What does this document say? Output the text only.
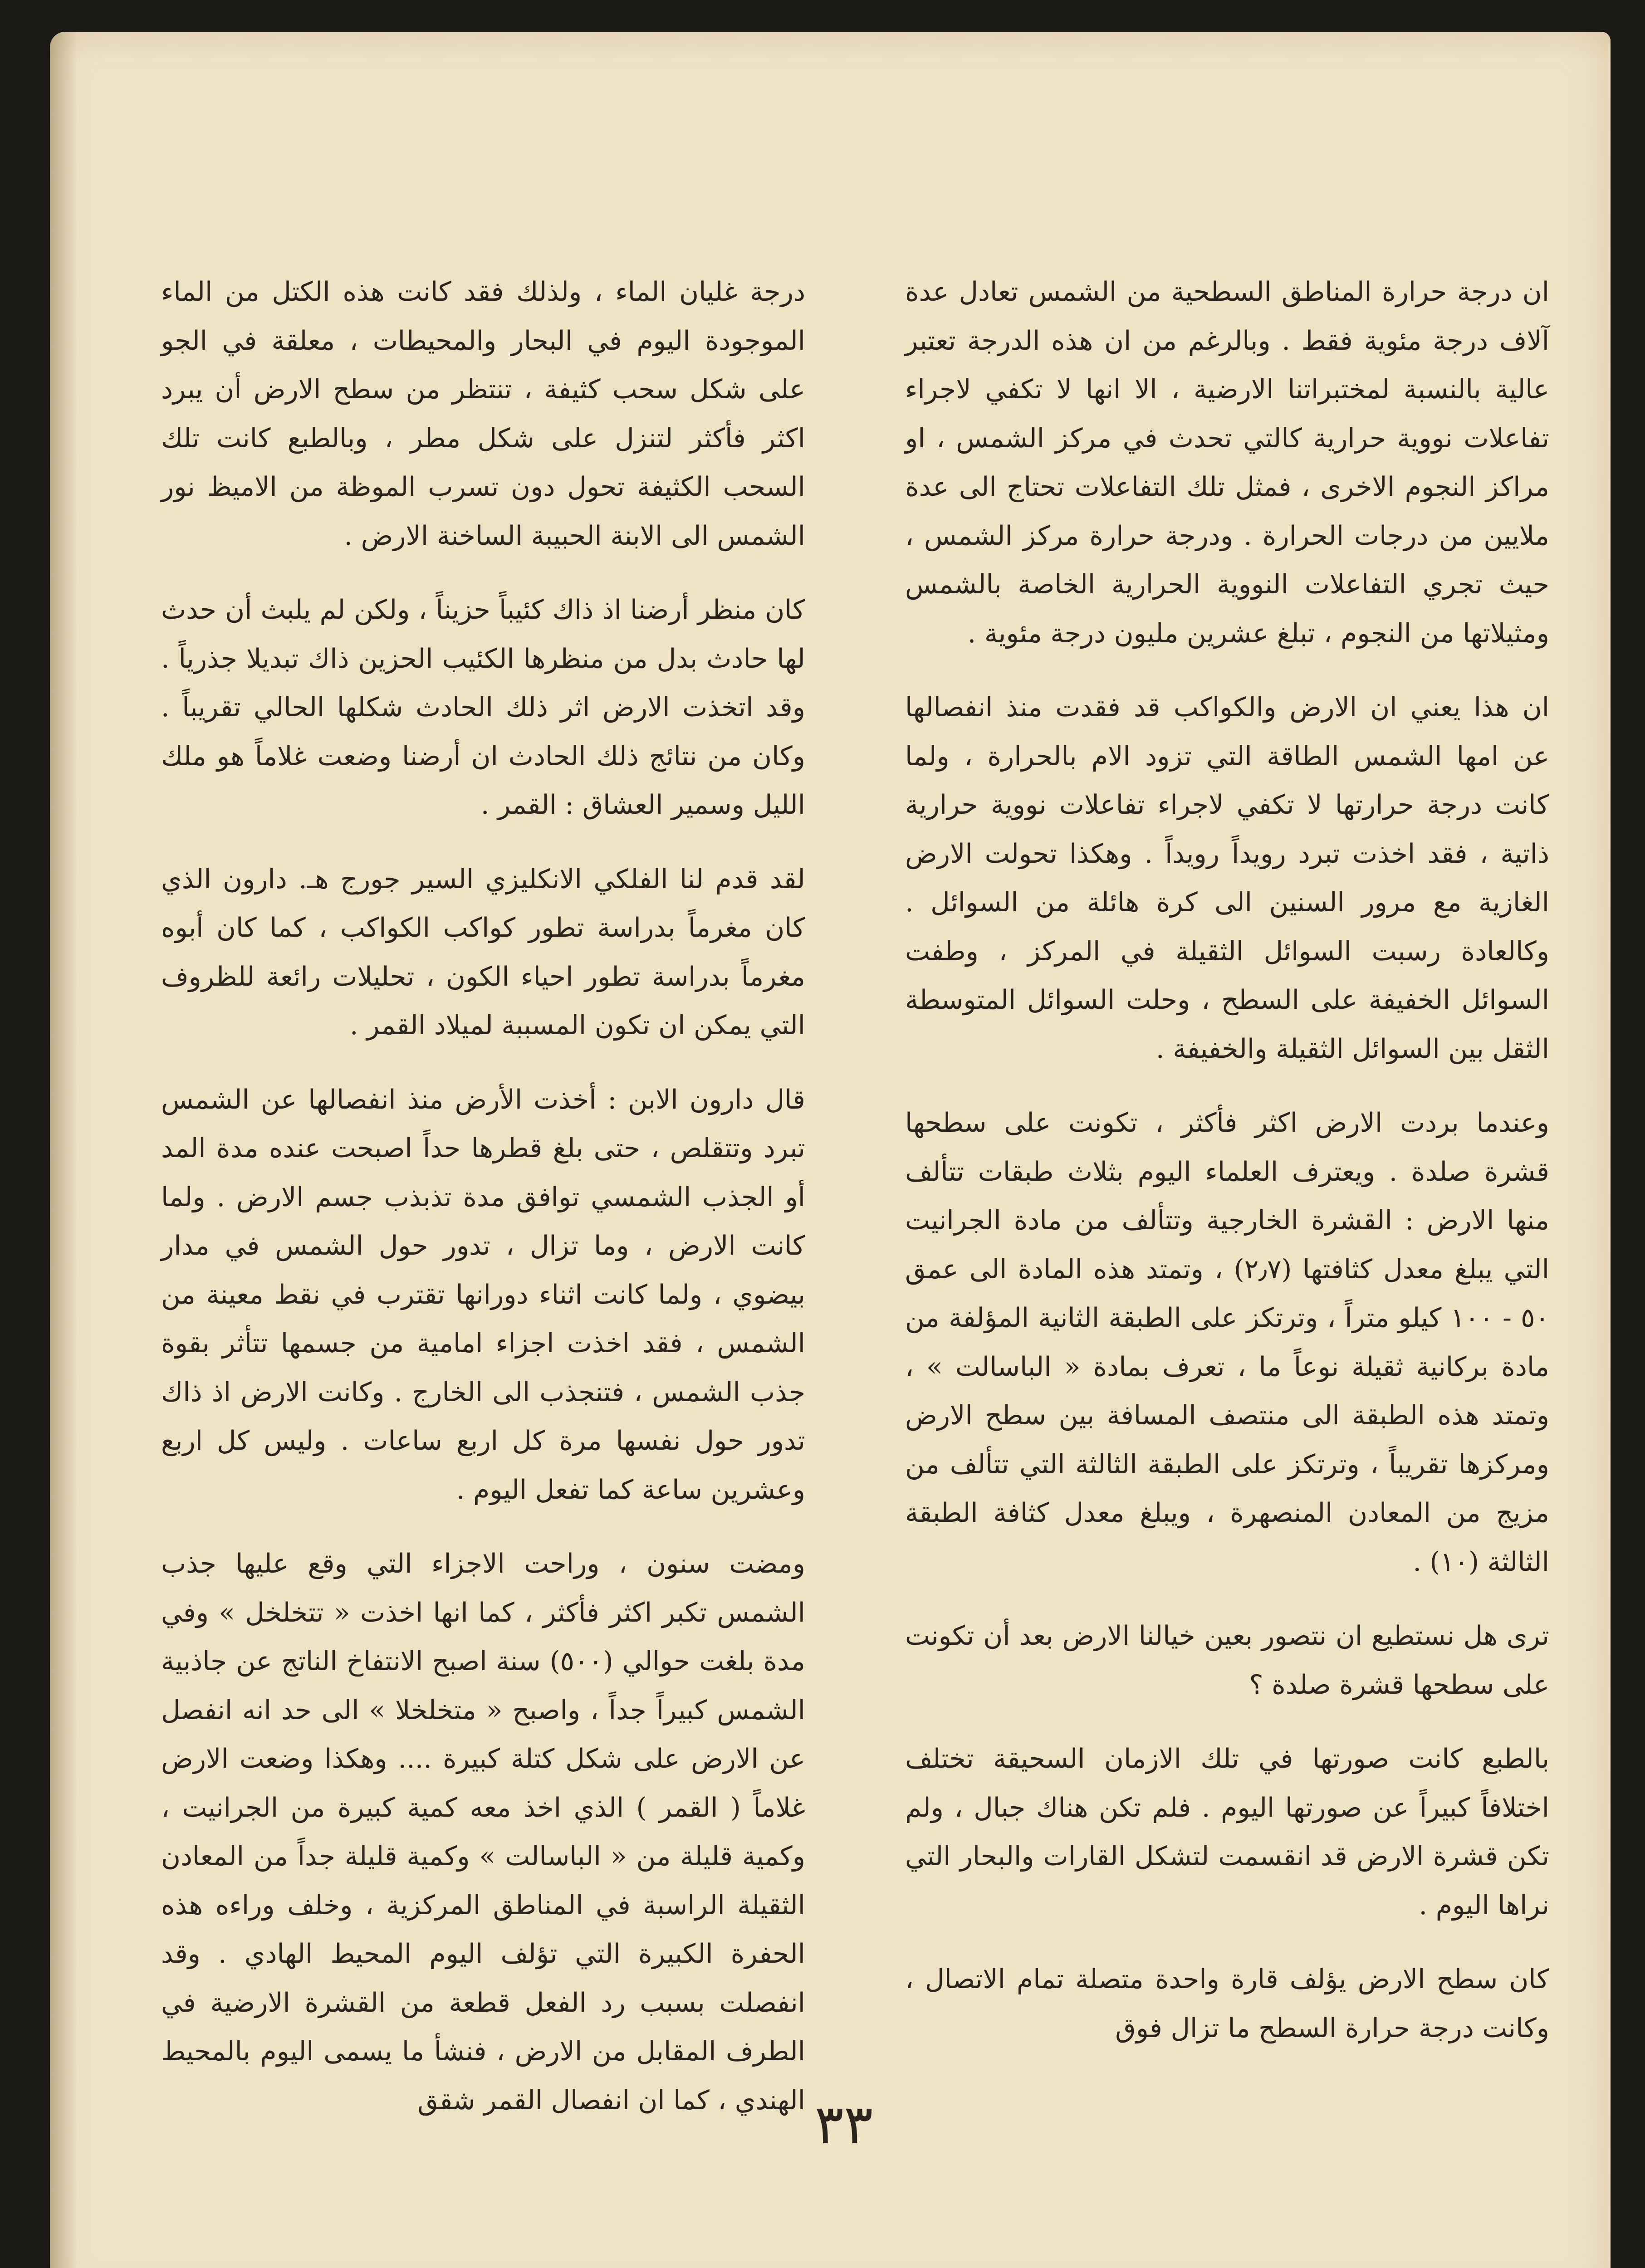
ان درجة حرارة المناطق السطحية من الشمس تعادل عدة آلاف درجة مئوية فقط . وبالرغم من ان هذه الدرجة تعتبر عالية بالنسبة لمختبراتنا الارضية ، الا انها لا تكفي لاجراء تفاعلات نووية حرارية كالتي تحدث في مركز الشمس ، او مراكز النجوم الاخرى ، فمثل تلك التفاعلات تحتاج الى عدة ملايين من درجات الحرارة . ودرجة حرارة مركز الشمس ، حيث تجري التفاعلات النووية الحرارية الخاصة بالشمس ومثيلاتها من النجوم ، تبلغ عشرين مليون درجة مئوية .

ان هذا يعني ان الارض والكواكب قد فقدت منذ انفصالها عن امها الشمس الطاقة التي تزود الام بالحرارة ، ولما كانت درجة حرارتها لا تكفي لاجراء تفاعلات نووية حرارية ذاتية ، فقد اخذت تبرد رويداً رويداً . وهكذا تحولت الارض الغازية مع مرور السنين الى كرة هائلة من السوائل . وكالعادة رسبت السوائل الثقيلة في المركز ، وطفت السوائل الخفيفة على السطح ، وحلت السوائل المتوسطة الثقل بين السوائل الثقيلة والخفيفة .

وعندما بردت الارض اكثر فأكثر ، تكونت على سطحها قشرة صلدة . ويعترف العلماء اليوم بثلاث طبقات تتألف منها الارض : القشرة الخارجية وتتألف من مادة الجرانيت التي يبلغ معدل كثافتها (٢٫٧) ، وتمتد هذه المادة الى عمق ٥٠ - ١٠٠ كيلو متراً ، وترتكز على الطبقة الثانية المؤلفة من مادة بركانية ثقيلة نوعاً ما ، تعرف بمادة « الباسالت » ، وتمتد هذه الطبقة الى منتصف المسافة بين سطح الارض ومركزها تقريباً ، وترتكز على الطبقة الثالثة التي تتألف من مزيج من المعادن المنصهرة ، ويبلغ معدل كثافة الطبقة الثالثة (١٠) .

ترى هل نستطيع ان نتصور بعين خيالنا الارض بعد أن تكونت على سطحها قشرة صلدة ؟

بالطبع كانت صورتها في تلك الازمان السحيقة تختلف اختلافاً كبيراً عن صورتها اليوم . فلم تكن هناك جبال ، ولم تكن قشرة الارض قد انقسمت لتشكل القارات والبحار التي نراها اليوم .

كان سطح الارض يؤلف قارة واحدة متصلة تمام الاتصال ، وكانت درجة حرارة السطح ما تزال فوق

درجة غليان الماء ، ولذلك فقد كانت هذه الكتل من الماء الموجودة اليوم في البحار والمحيطات ، معلقة في الجو على شكل سحب كثيفة ، تنتظر من سطح الارض أن يبرد اكثر فأكثر لتنزل على شكل مطر ، وبالطبع كانت تلك السحب الكثيفة تحول دون تسرب الموظة من الاميظ نور الشمس الى الابنة الحبيبة الساخنة الارض .

كان منظر أرضنا اذ ذاك كئيباً حزيناً ، ولكن لم يلبث أن حدث لها حادث بدل من منظرها الكئيب الحزين ذاك تبديلا جذرياً . وقد اتخذت الارض اثر ذلك الحادث شكلها الحالي تقريباً . وكان من نتائج ذلك الحادث ان أرضنا وضعت غلاماً هو ملك الليل وسمير العشاق : القمر .

لقد قدم لنا الفلكي الانكليزي السير جورج هـ. دارون الذي كان مغرماً بدراسة تطور كواكب الكواكب ، كما كان أبوه مغرماً بدراسة تطور احياء الكون ، تحليلات رائعة للظروف التي يمكن ان تكون المسببة لميلاد القمر .

قال دارون الابن : أخذت الأرض منذ انفصالها عن الشمس تبرد وتتقلص ، حتى بلغ قطرها حداً اصبحت عنده مدة المد أو الجذب الشمسي توافق مدة تذبذب جسم الارض . ولما كانت الارض ، وما تزال ، تدور حول الشمس في مدار بيضوي ، ولما كانت اثناء دورانها تقترب في نقط معينة من الشمس ، فقد اخذت اجزاء امامية من جسمها تتأثر بقوة جذب الشمس ، فتنجذب الى الخارج . وكانت الارض اذ ذاك تدور حول نفسها مرة كل اربع ساعات . وليس كل اربع وعشرين ساعة كما تفعل اليوم .

ومضت سنون ، وراحت الاجزاء التي وقع عليها جذب الشمس تكبر اكثر فأكثر ، كما انها اخذت « تتخلخل » وفي مدة بلغت حوالي (٥٠٠) سنة اصبح الانتفاخ الناتج عن جاذبية الشمس كبيراً جداً ، واصبح « متخلخلا » الى حد انه انفصل عن الارض على شكل كتلة كبيرة .... وهكذا وضعت الارض غلاماً ( القمر ) الذي اخذ معه كمية كبيرة من الجرانيت ، وكمية قليلة من « الباسالت » وكمية قليلة جداً من المعادن الثقيلة الراسبة في المناطق المركزية ، وخلف وراءه هذه الحفرة الكبيرة التي تؤلف اليوم المحيط الهادي . وقد انفصلت بسبب رد الفعل قطعة من القشرة الارضية في الطرف المقابل من الارض ، فنشأ ما يسمى اليوم بالمحيط الهندي ، كما ان انفصال القمر شقق ٣٣
